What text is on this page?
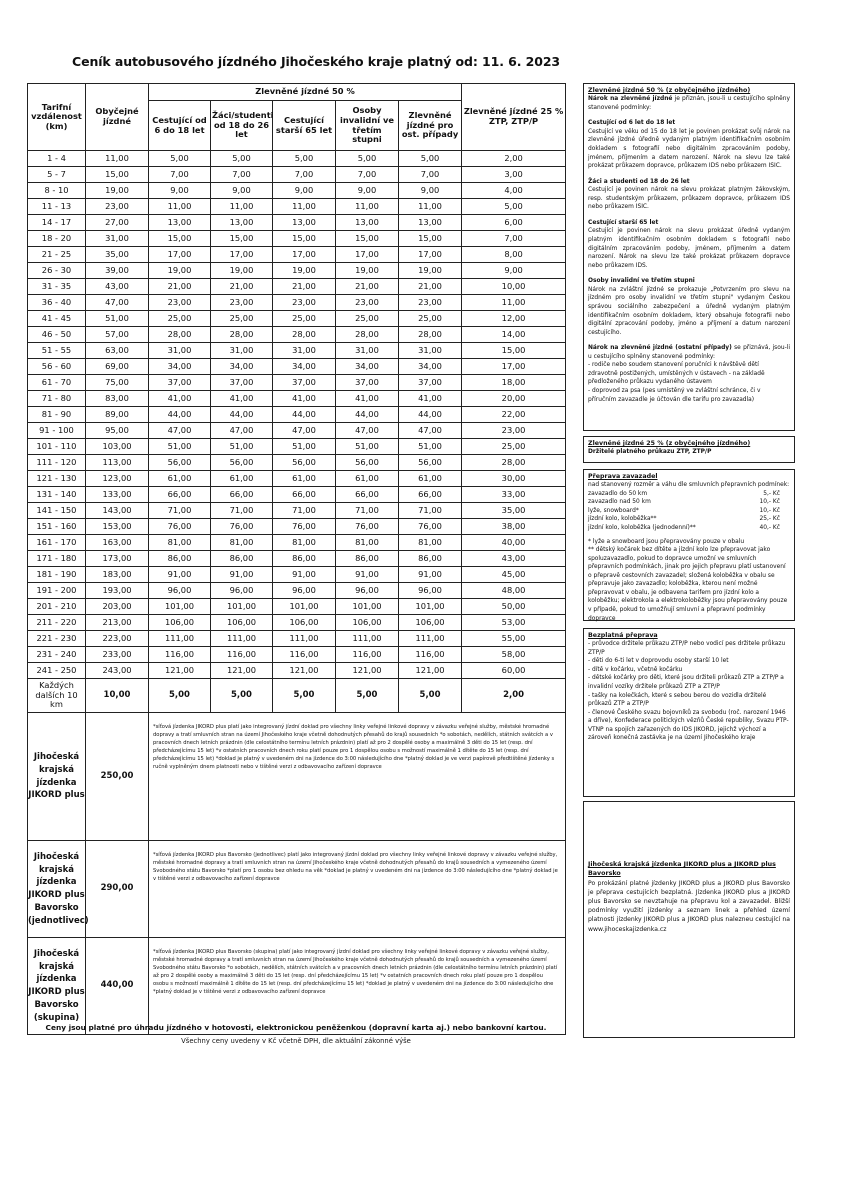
Ceník autobusového jízdného Jihočeského kraje platný od: 11. 6. 2023
Tarifní vzdálenost (km)	Obyčejné jízdné	Zlevněné jízdné 50 %					Zlevněné jízdné 25 % ZTP, ZTP/P
		Cestující od 6 do 18 let	Žáci/studenti od 18 do 26 let	Cestující starší 65 let	Osoby invalidní ve třetím stupni	Zlevněné jízdné pro ost. případy	
1 - 4	11,00	5,00	5,00	5,00	5,00	5,00	2,00
5 - 7	15,00	7,00	7,00	7,00	7,00	7,00	3,00
8 - 10	19,00	9,00	9,00	9,00	9,00	9,00	4,00
11 - 13	23,00	11,00	11,00	11,00	11,00	11,00	5,00
14 - 17	27,00	13,00	13,00	13,00	13,00	13,00	6,00
18 - 20	31,00	15,00	15,00	15,00	15,00	15,00	7,00
21 - 25	35,00	17,00	17,00	17,00	17,00	17,00	8,00
26 - 30	39,00	19,00	19,00	19,00	19,00	19,00	9,00
31 - 35	43,00	21,00	21,00	21,00	21,00	21,00	10,00
36 - 40	47,00	23,00	23,00	23,00	23,00	23,00	11,00
41 - 45	51,00	25,00	25,00	25,00	25,00	25,00	12,00
46 - 50	57,00	28,00	28,00	28,00	28,00	28,00	14,00
51 - 55	63,00	31,00	31,00	31,00	31,00	31,00	15,00
56 - 60	69,00	34,00	34,00	34,00	34,00	34,00	17,00
61 - 70	75,00	37,00	37,00	37,00	37,00	37,00	18,00
71 - 80	83,00	41,00	41,00	41,00	41,00	41,00	20,00
81 - 90	89,00	44,00	44,00	44,00	44,00	44,00	22,00
91 - 100	95,00	47,00	47,00	47,00	47,00	47,00	23,00
101 - 110	103,00	51,00	51,00	51,00	51,00	51,00	25,00
111 - 120	113,00	56,00	56,00	56,00	56,00	56,00	28,00
121 - 130	123,00	61,00	61,00	61,00	61,00	61,00	30,00
131 - 140	133,00	66,00	66,00	66,00	66,00	66,00	33,00
141 - 150	143,00	71,00	71,00	71,00	71,00	71,00	35,00
151 - 160	153,00	76,00	76,00	76,00	76,00	76,00	38,00
161 - 170	163,00	81,00	81,00	81,00	81,00	81,00	40,00
171 - 180	173,00	86,00	86,00	86,00	86,00	86,00	43,00
181 - 190	183,00	91,00	91,00	91,00	91,00	91,00	45,00
191 - 200	193,00	96,00	96,00	96,00	96,00	96,00	48,00
201 - 210	203,00	101,00	101,00	101,00	101,00	101,00	50,00
211 - 220	213,00	106,00	106,00	106,00	106,00	106,00	53,00
221 - 230	223,00	111,00	111,00	111,00	111,00	111,00	55,00
231 - 240	233,00	116,00	116,00	116,00	116,00	116,00	58,00
241 - 250	243,00	121,00	121,00	121,00	121,00	121,00	60,00
Každých dalších 10 km	10,00	5,00	5,00	5,00	5,00	5,00	2,00
Jihočeská krajská jízdenka JIKORD plus	250,00	*síťová jízdenka JIKORD plus platí jako integrovaný jízdní doklad pro všechny linky veřejné linkové dopravy v závazku veřejné služby, městské hromadné dopravy a tratí smluvních stran na území Jihočeského kraje včetně dohodnutých přesahů do krajů sousedních *o sobotách, nedělích, státních svátcích a v pracovních dnech letních prázdnin (dle celostátního termínu letních prázdnin) platí až pro 2 dospělé osoby a maximálně 3 děti do 15 let (resp. dní předcházejícímu 15 let) *v ostatních pracovních dnech roku platí pouze pro 1 dospělou osobu s možností maximálně 1 dítěte do 15 let (resp. dní předcházejícímu 15 let) *doklad je platný v uvedeném dni na jízdence do 3:00 následujícího dne *platný doklad je ve verzi papírově předtištěné jízdenky s ručně vyplněným dnem platnosti nebo v tištěné verzi z odbavovacího zařízení dopravce					
Jihočeská krajská jízdenka JIKORD plus Bavorsko (jednotlivec)	290,00	*síťová jízdenka JIKORD plus Bavorsko (jednotlivec) platí jako integrovaný jízdní doklad pro všechny linky veřejné linkové dopravy v závazku veřejné služby, městské hromadné dopravy a tratí smluvních stran na území Jihočeského kraje včetně dohodnutých přesahů do krajů sousedních a vymezeného území Svobodného státu Bavorsko *platí pro 1 osobu bez ohledu na věk *doklad je platný v uvedeném dni na jízdence do 3:00 následujícího dne *platný doklad je v tištěné verzi z odbavovacího zařízení dopravce					
Jihočeská krajská jízdenka JIKORD plus Bavorsko (skupina)	440,00	*síťová jízdenka JIKORD plus Bavorsko (skupina) platí jako integrovaný jízdní doklad pro všechny linky veřejné linkové dopravy v závazku veřejné služby, městské hromadné dopravy a tratí smluvních stran na území Jihočeského kraje včetně dohodnutých přesahů do krajů sousedních a vymezeného území Svobodného státu Bavorsko *o sobotách, nedělích, státních svátcích a v pracovních dnech letních prázdnin (dle celostátního termínu letních prázdnin) platí až pro 2 dospělé osoby a maximálně 3 děti do 15 let (resp. dní předcházejícímu 15 let) *v ostatních pracovních dnech roku platí pouze pro 1 dospělou osobu s možností maximálně 1 dítěte do 15 let (resp. dní předcházejícímu 15 let) *doklad je platný v uvedeném dni na jízdence do 3:00 následujícího dne *platný doklad je v tištěné verzi z odbavovacího zařízení dopravce					
Ceny jsou platné pro úhradu jízdného v hotovosti, elektronickou peněženkou (dopravní karta aj.) nebo bankovní kartou.
Všechny ceny uvedeny v Kč včetně DPH, dle aktuální zákonné výše
Zlevněné jízdné 50 % (z obyčejného jízdného)

Nárok na zlevněné jízdné je přiznán, jsou-li u cestujícího splněny stanovené podmínky:

Cestující od 6 let do 18 let

Cestující ve věku od 15 do 18 let je povinen prokázat svůj nárok na zlevněné jízdné úředně vydaným platným identifikačním osobním dokladem s fotografií nebo digitálním zpracováním podoby, jménem, příjmením a datem narození. Nárok na slevu lze také prokázat průkazem dopravce, průkazem IDS nebo průkazem ISIC.

Žáci a studenti od 18 do 26 let

Cestující je povinen nárok na slevu prokázat platným žákovským, resp. studentským průkazem, průkazem dopravce, průkazem IDS nebo průkazem ISIC.

Cestující starší 65 let

Cestující je povinen nárok na slevu prokázat úředně vydaným platným identifikačním osobním dokladem s fotografií nebo digitálním zpracováním podoby, jménem, příjmením a datem narození. Nárok na slevu lze také prokázat průkazem dopravce nebo průkazem IDS.

Osoby invalidní ve třetím stupni

Nárok na zvláštní jízdné se prokazuje „Potvrzením pro slevu na jízdném pro osoby invalidní ve třetím stupni" vydaným Českou správou sociálního zabezpečení a úředně vydaným platným identifikačním osobním dokladem, který obsahuje fotografii nebo digitální zpracování podoby, jméno a příjmení a datum narození cestujícího.

Nárok na zlevněné jízdné (ostatní případy) se přiznává, jsou-li u cestujícího splněny stanovené podmínky:

- rodiče nebo soudem stanovení poručníci k návštěvě dětí zdravotně postižených, umístěných v ústavech - na základě předloženého průkazu vydaného ústavem
- doprovod za psa (pes umístěný ve zvláštní schránce, či v příručním zavazadle je účtován dle tarifu pro zavazadla)
Zlevněné jízdné 25 % (z obyčejného jízdného)
Držitelé platného průkazu ZTP, ZTP/P
Přeprava zavazadel

nad stanovený rozměr a váhu dle smluvních přepravních podmínek:

zavazadlo do 50 km	5,- Kč
zavazadlo nad 50 km	10,- Kč
lyže, snowboard*	10,- Kč
jízdní kolo, koloběžka**	25,- Kč
jízdní kolo, koloběžka (jednodenní)**	40,- Kč
* lyže a snowboard jsou přepravovány pouze v obalu
** dětský kočárek bez dítěte a jízdní kolo lze přepravovat jako spoluzavazadlo, pokud to dopravce umožní ve smluvních přepravních podmínkách, jinak pro jejich přepravu platí ustanovení o přepravě cestovních zavazadel; složená koloběžka v obalu se přepravuje jako zavazadlo; koloběžka, kterou není možné přepravovat v obalu, je odbavena tarifem pro jízdní kolo a koloběžku; elektrokola a elektrokoloběžky jsou přepravovány pouze v případě, pokud to umožňují smluvní a přepravní podmínky dopravce
Bezplatná přeprava
- průvodce držitele průkazu ZTP/P nebo vodicí pes držitele průkazu ZTP/P
- děti do 6-ti let v doprovodu osoby starší 10 let
- dítě v kočárku, včetně kočárku
- dětské kočárky pro děti, které jsou držiteli průkazů ZTP a ZTP/P a invalidní vozíky držitele průkazů ZTP a ZTP/P
- tašky na kolečkách, které s sebou berou do vozidla držitelé průkazů ZTP a ZTP/P
- členové Českého svazu bojovníků za svobodu (roč. narození 1946 a dříve), Konfederace politických vězňů České republiky, Svazu PTP-VTNP na spojích zařazených do IDS JIKORD, jejichž výchozí a zároveň konečná zastávka je na území Jihočeského kraje
Jihočeská krajská jízdenka JIKORD plus a JIKORD plus Bavorsko

Po prokázání platné jízdenky JIKORD plus a JIKORD plus Bavorsko je přeprava cestujících bezplatná. Jízdenka JIKORD plus a JIKORD plus Bavorsko se nevztahuje na přepravu kol a zavazadel. Bližší podmínky využití jízdenky a seznam linek a přehled území platnosti jízdenky JIKORD plus a JIKORD plus nalezneu cestující na www.jihoceskajizdenka.cz
